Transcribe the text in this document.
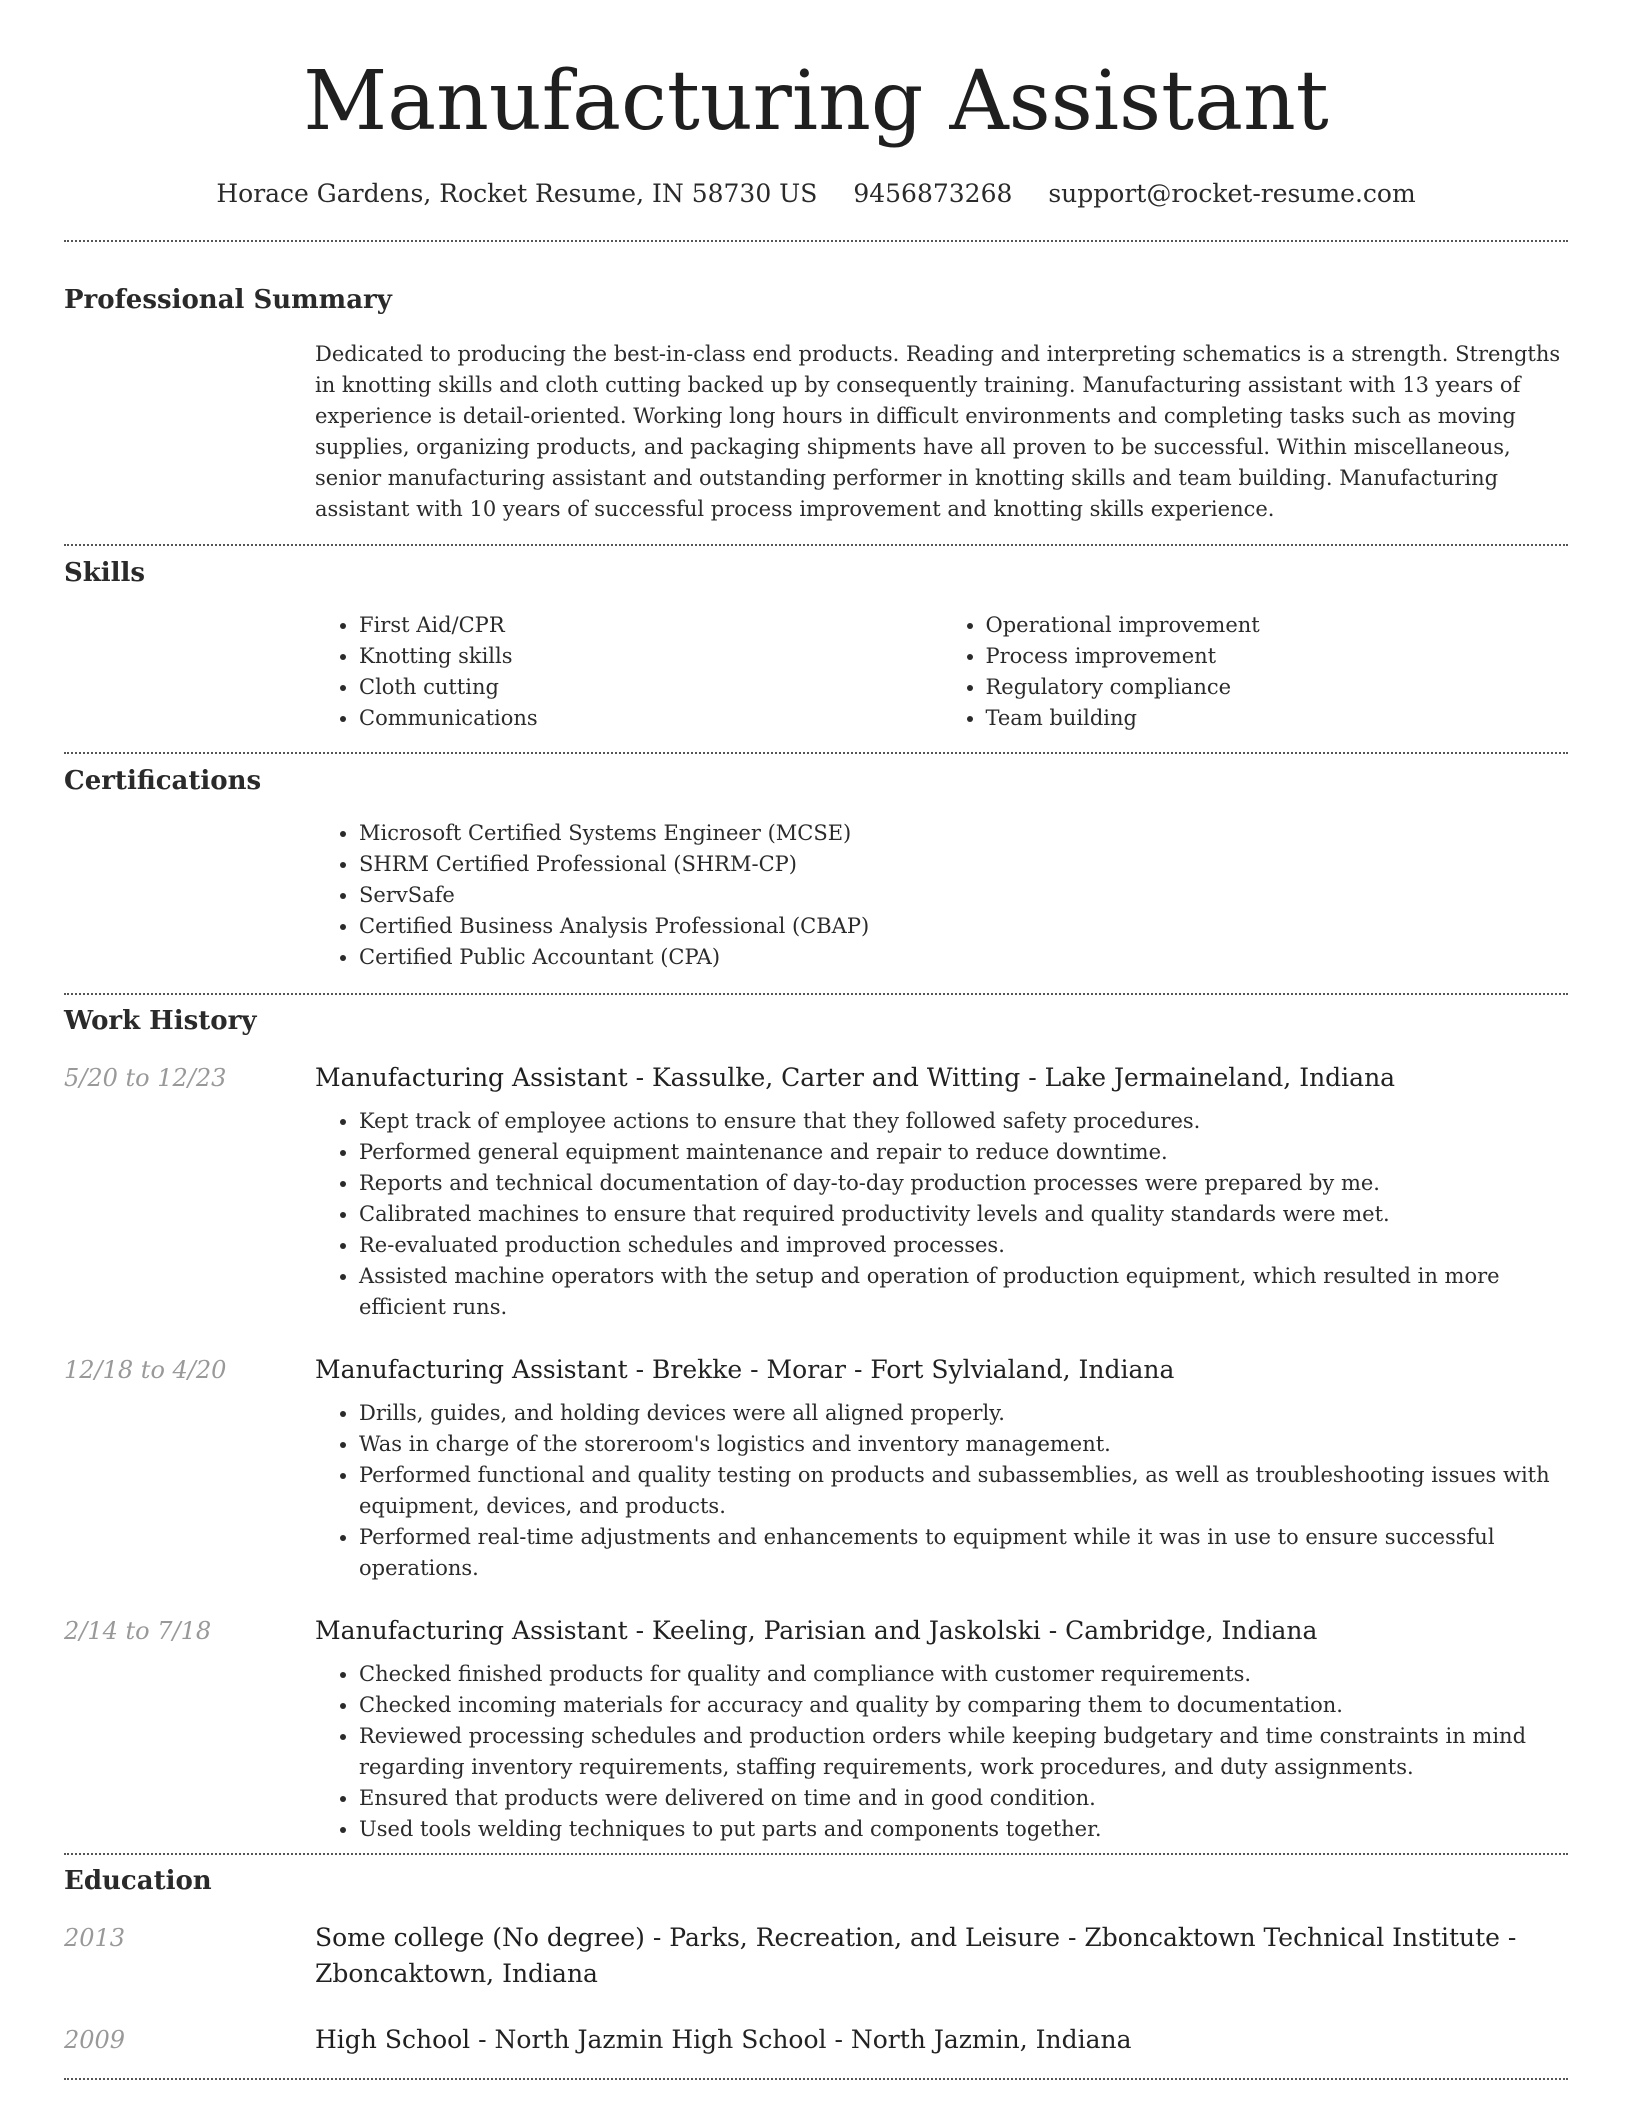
Manufacturing Assistant
Horace Gardens, Rocket Resume, IN 58730 US 9456873268 support@rocket-resume.com
Professional Summary

Dedicated to producing the best-in-class end products. Reading and interpreting schematics is a strength. Strengths in knotting skills and cloth cutting backed up by consequently training. Manufacturing assistant with 13 years of experience is detail-oriented. Working long hours in difficult environments and completing tasks such as moving supplies, organizing products, and packaging shipments have all proven to be successful. Within miscellaneous, senior manufacturing assistant and outstanding performer in knotting skills and team building. Manufacturing assistant with 10 years of successful process improvement and knotting skills experience.

Skills
• First Aid/CPR
• Knotting skills
• Cloth cutting
• Communications
• Operational improvement
• Process improvement
• Regulatory compliance
• Team building
Certifications
• Microsoft Certified Systems Engineer (MCSE)
• SHRM Certified Professional (SHRM-CP)
• ServSafe
• Certified Business Analysis Professional (CBAP)
• Certified Public Accountant (CPA)
Work History
5/20 to 12/23	Manufacturing Assistant - Kassulke, Carter and Witting - Lake Jermaineland, Indiana
• Kept track of employee actions to ensure that they followed safety procedures.
• Performed general equipment maintenance and repair to reduce downtime.
• Reports and technical documentation of day-to-day production processes were prepared by me.
• Calibrated machines to ensure that required productivity levels and quality standards were met.
• Re-evaluated production schedules and improved processes.
• Assisted machine operators with the setup and operation of production equipment, which resulted in more efficient runs.
12/18 to 4/20	Manufacturing Assistant - Brekke - Morar - Fort Sylvialand, Indiana
• Drills, guides, and holding devices were all aligned properly.
• Was in charge of the storeroom's logistics and inventory management.
• Performed functional and quality testing on products and subassemblies, as well as troubleshooting issues with equipment, devices, and products.
• Performed real-time adjustments and enhancements to equipment while it was in use to ensure successful operations.
2/14 to 7/18	Manufacturing Assistant - Keeling, Parisian and Jaskolski - Cambridge, Indiana
• Checked finished products for quality and compliance with customer requirements.
• Checked incoming materials for accuracy and quality by comparing them to documentation.
• Reviewed processing schedules and production orders while keeping budgetary and time constraints in mind regarding inventory requirements, staffing requirements, work procedures, and duty assignments.
• Ensured that products were delivered on time and in good condition.
• Used tools welding techniques to put parts and components together.
Education
2013	Some college (No degree) - Parks, Recreation, and Leisure - Zboncaktown Technical Institute - Zboncaktown, Indiana
2009	High School - North Jazmin High School - North Jazmin, Indiana
